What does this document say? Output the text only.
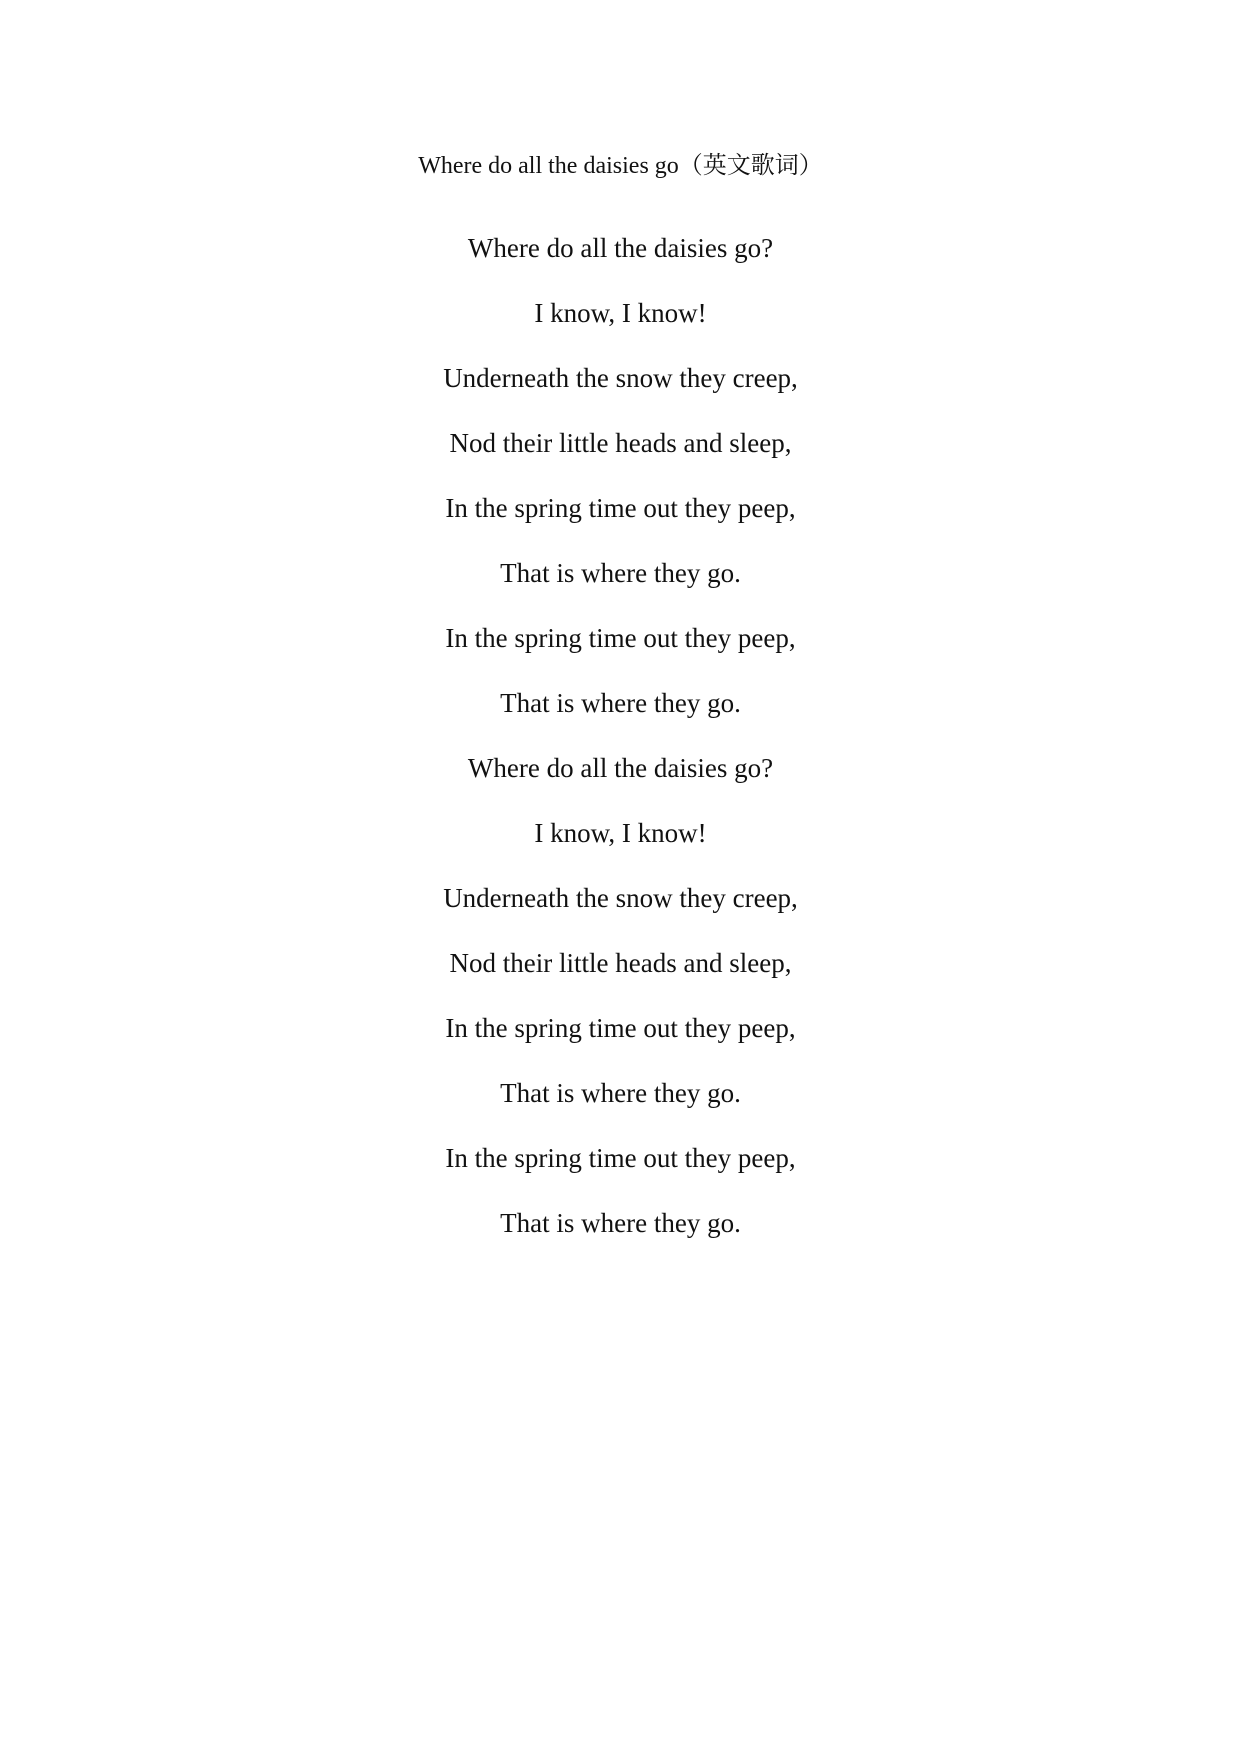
Where do all the daisies go（英文歌词）
Where do all the daisies go?
I know, I know!
Underneath the snow they creep,
Nod their little heads and sleep,
In the spring time out they peep,
That is where they go.
In the spring time out they peep,
That is where they go.
Where do all the daisies go?
I know, I know!
Underneath the snow they creep,
Nod their little heads and sleep,
In the spring time out they peep,
That is where they go.
In the spring time out they peep,
That is where they go.
